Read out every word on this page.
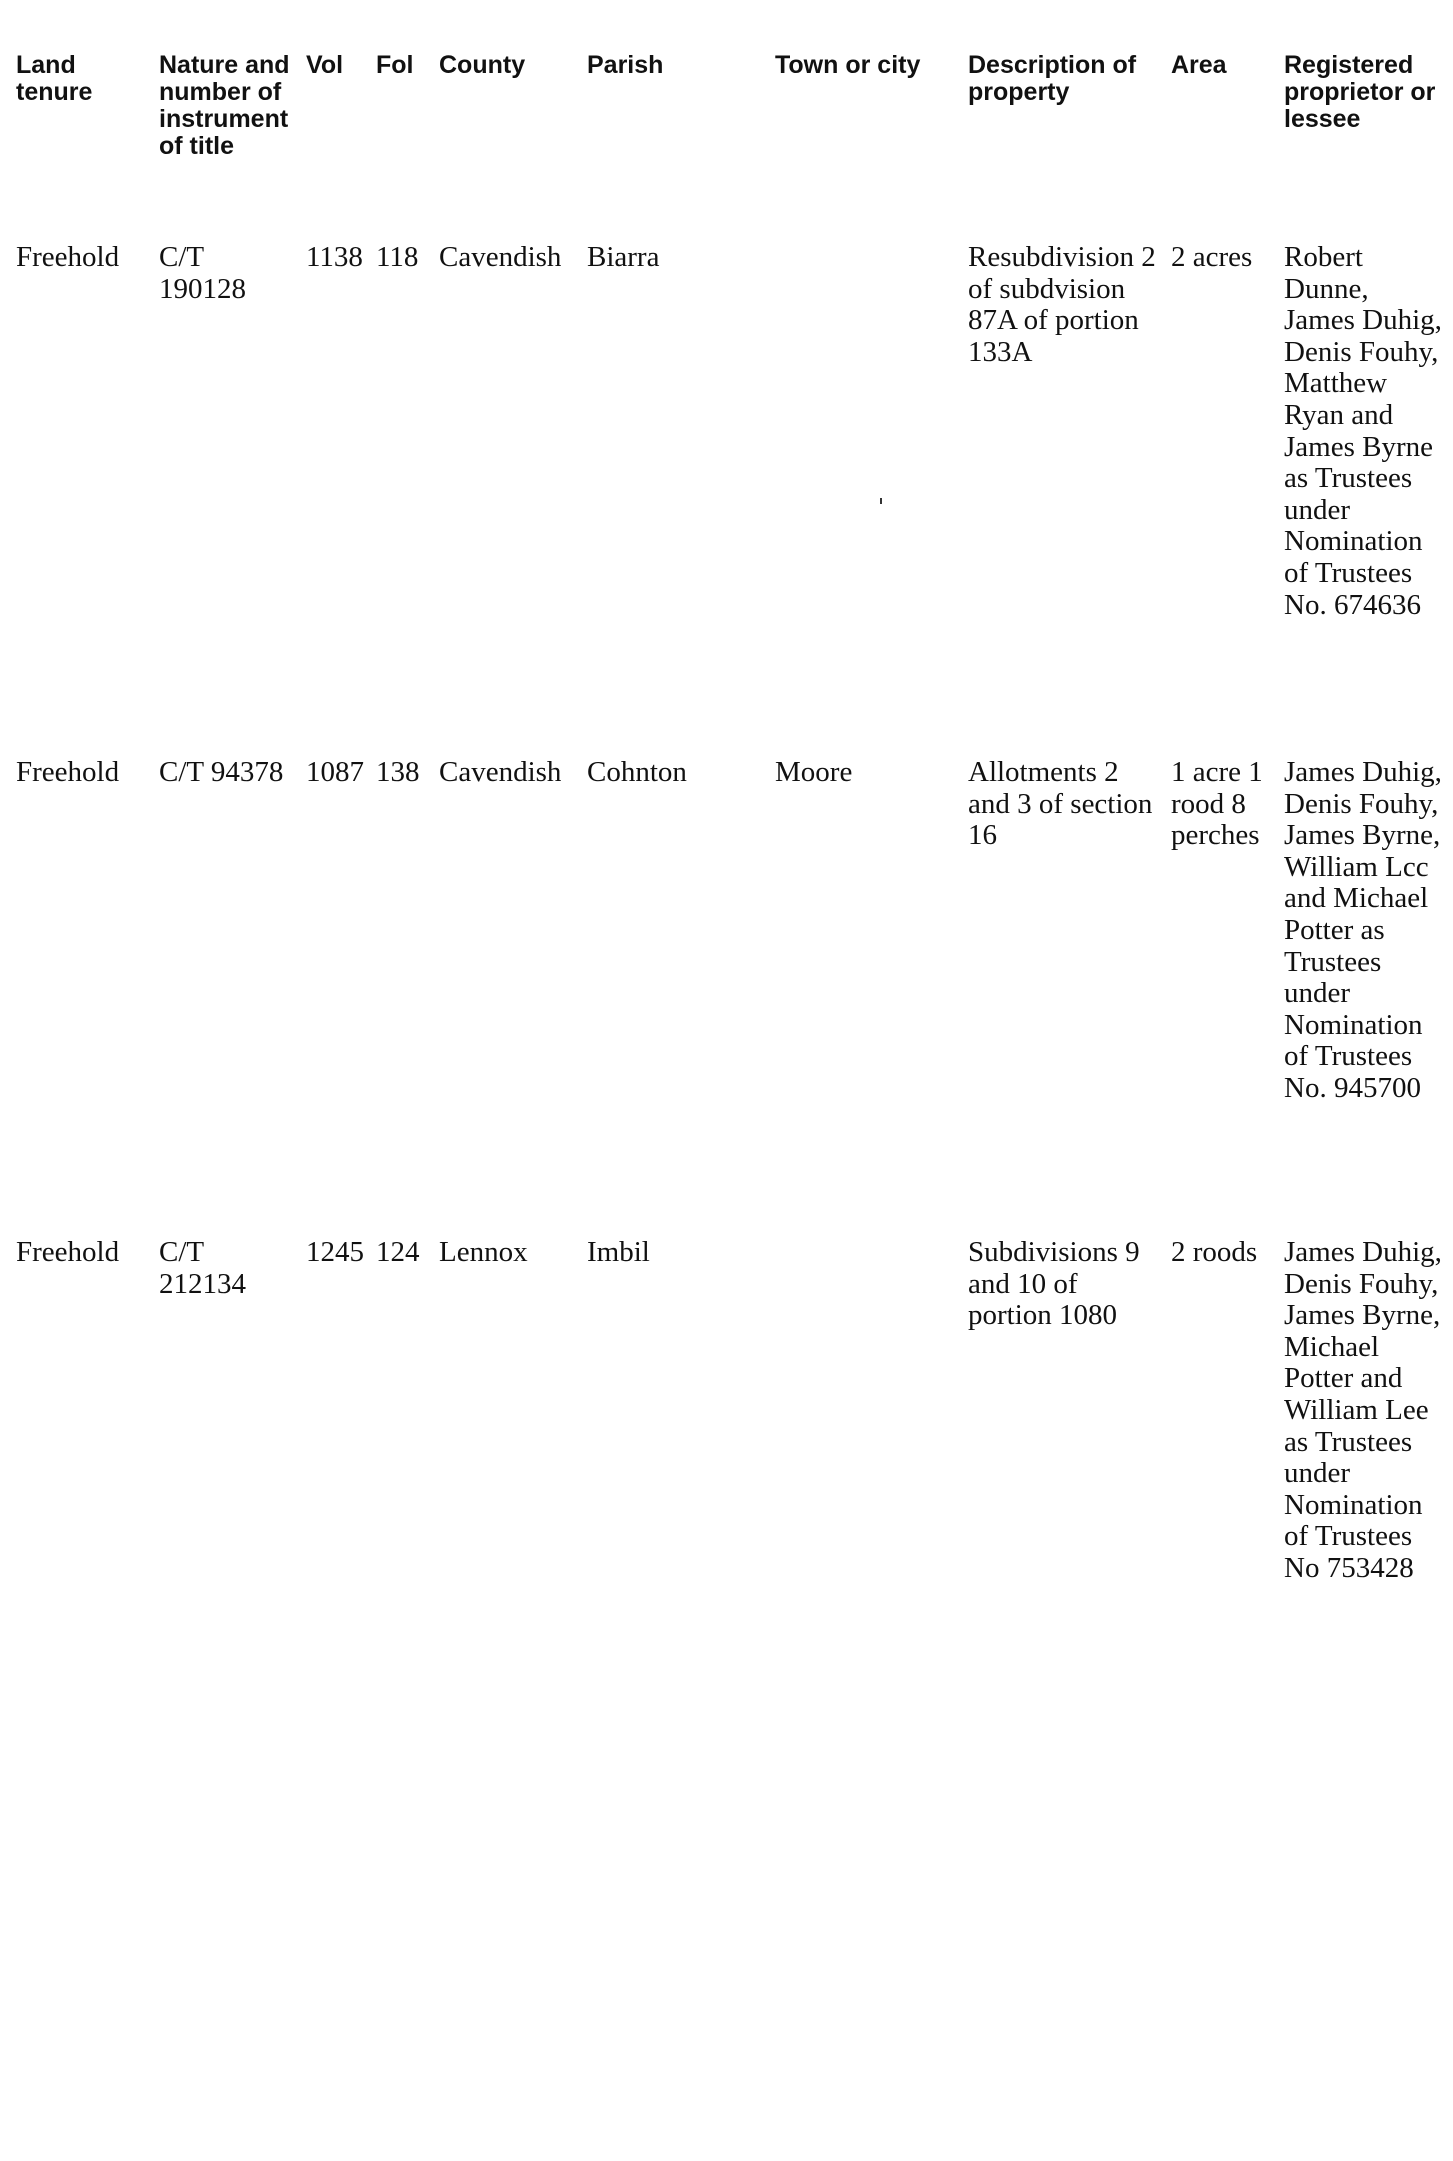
Land tenure	Nature and number of instrument of title	Vol	Fol	County	Parish	Town or city	Description of property	Area	Registered proprietor or lessee
Freehold	C/T 190128	1138	118	Cavendish	Biarra		Resubdivision 2 of subdvision 87A of portion 133A	2 acres	Robert Dunne, James Duhig, Denis Fouhy, Matthew Ryan and James Byrne as Trustees under Nomination of Trustees No. 674636
Freehold	C/T 94378	1087	138	Cavendish	Cohnton	Moore	Allotments 2 and 3 of section 16	1 acre 1 rood 8 perches	James Duhig, Denis Fouhy, James Byrne, William Lcc and Michael Potter as Trustees under Nomination of Trustees No. 945700
Freehold	C/T 212134	1245	124	Lennox	Imbil		Subdivisions 9 and 10 of portion 1080	2 roods	James Duhig, Denis Fouhy, James Byrne, Michael Potter and William Lee as Trustees under Nomination of Trustees No 753428
